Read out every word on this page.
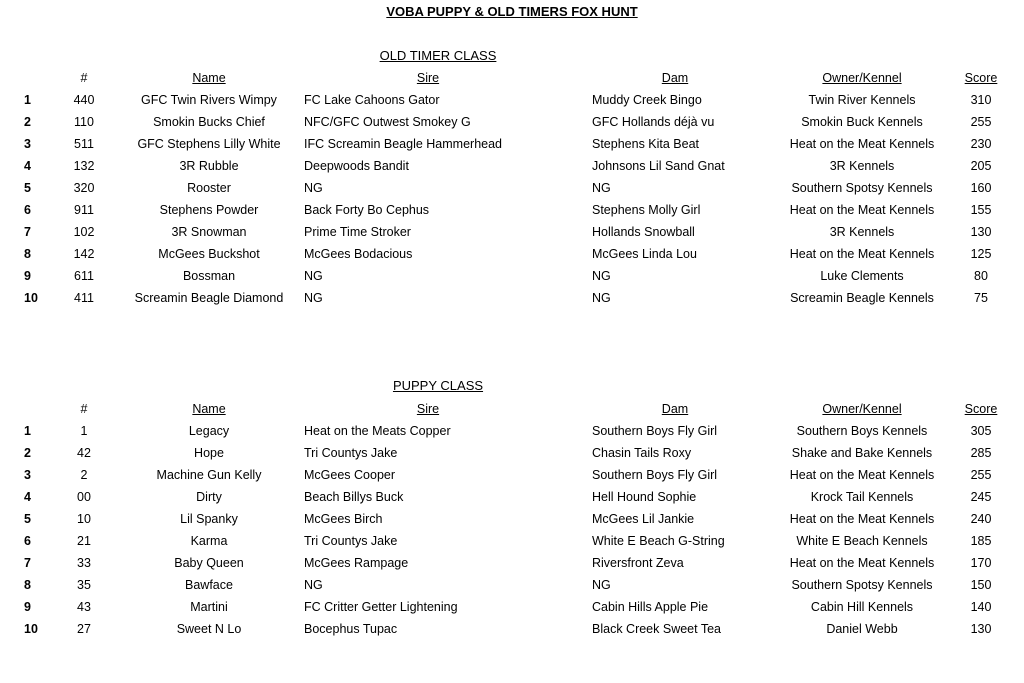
VOBA PUPPY & OLD TIMERS FOX HUNT
OLD TIMER CLASS
	#	Name	Sire	Dam	Owner/Kennel	Score
1	440	GFC Twin Rivers Wimpy	FC Lake Cahoons Gator	Muddy Creek Bingo	Twin River Kennels	310
2	110	Smokin Bucks Chief	NFC/GFC Outwest Smokey G	GFC Hollands déjà vu	Smokin Buck Kennels	255
3	511	GFC Stephens Lilly White	IFC Screamin Beagle Hammerhead	Stephens Kita Beat	Heat on the Meat Kennels	230
4	132	3R Rubble	Deepwoods Bandit	Johnsons Lil Sand Gnat	3R Kennels	205
5	320	Rooster	NG	NG	Southern Spotsy Kennels	160
6	911	Stephens Powder	Back Forty Bo Cephus	Stephens Molly Girl	Heat on the Meat Kennels	155
7	102	3R Snowman	Prime Time Stroker	Hollands Snowball	3R Kennels	130
8	142	McGees Buckshot	McGees Bodacious	McGees Linda Lou	Heat on the Meat Kennels	125
9	611	Bossman	NG	NG	Luke Clements	80
10	411	Screamin Beagle Diamond	NG	NG	Screamin Beagle Kennels	75
PUPPY CLASS
	#	Name	Sire	Dam	Owner/Kennel	Score
1	1	Legacy	Heat on the Meats Copper	Southern Boys Fly Girl	Southern Boys Kennels	305
2	42	Hope	Tri Countys Jake	Chasin Tails Roxy	Shake and Bake Kennels	285
3	2	Machine Gun Kelly	McGees Cooper	Southern Boys Fly Girl	Heat on the Meat Kennels	255
4	00	Dirty	Beach Billys Buck	Hell Hound Sophie	Krock Tail Kennels	245
5	10	Lil Spanky	McGees Birch	McGees Lil Jankie	Heat on the Meat Kennels	240
6	21	Karma	Tri Countys Jake	White E Beach G-String	White E Beach Kennels	185
7	33	Baby Queen	McGees Rampage	Riversfront Zeva	Heat on the Meat Kennels	170
8	35	Bawface	NG	NG	Southern Spotsy Kennels	150
9	43	Martini	FC Critter Getter Lightening	Cabin Hills Apple Pie	Cabin Hill Kennels	140
10	27	Sweet N Lo	Bocephus Tupac	Black Creek Sweet Tea	Daniel Webb	130
